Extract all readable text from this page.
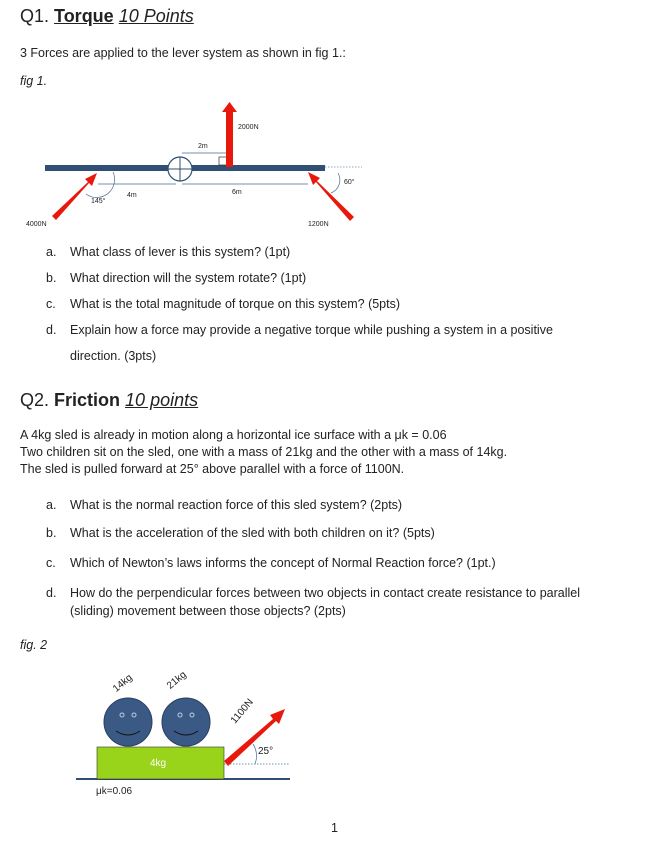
Q1. Torque 10 Points
3 Forces are applied to the lever system as shown in fig 1.:
fig 1.
2000N
2m
4m	6m
145°
60°
4000N	1200N
a. What class of lever is this system? (1pt)
b. What direction will the system rotate? (1pt)
c. What is the total magnitude of torque on this system? (5pts)
d. Explain how a force may provide a negative torque while pushing a system in a positive
direction. (3pts)
Q2. Friction 10 points
A 4kg sled is already in motion along a horizontal ice surface with a μk = 0.06
Two children sit on the sled, one with a mass of 21kg and the other with a mass of 14kg.
The sled is pulled forward at 25° above parallel with a force of 1100N.
a. What is the normal reaction force of this sled system? (2pts)
b. What is the acceleration of the sled with both children on it? (5pts)
c. Which of Newton’s laws informs the concept of Normal Reaction force? (1pt.)
d. How do the perpendicular forces between two objects in contact create resistance to parallel
(sliding) movement between those objects? (2pts)
fig. 2
14kg	21kg
1100N
25°
4kg
μk=0.06
1
